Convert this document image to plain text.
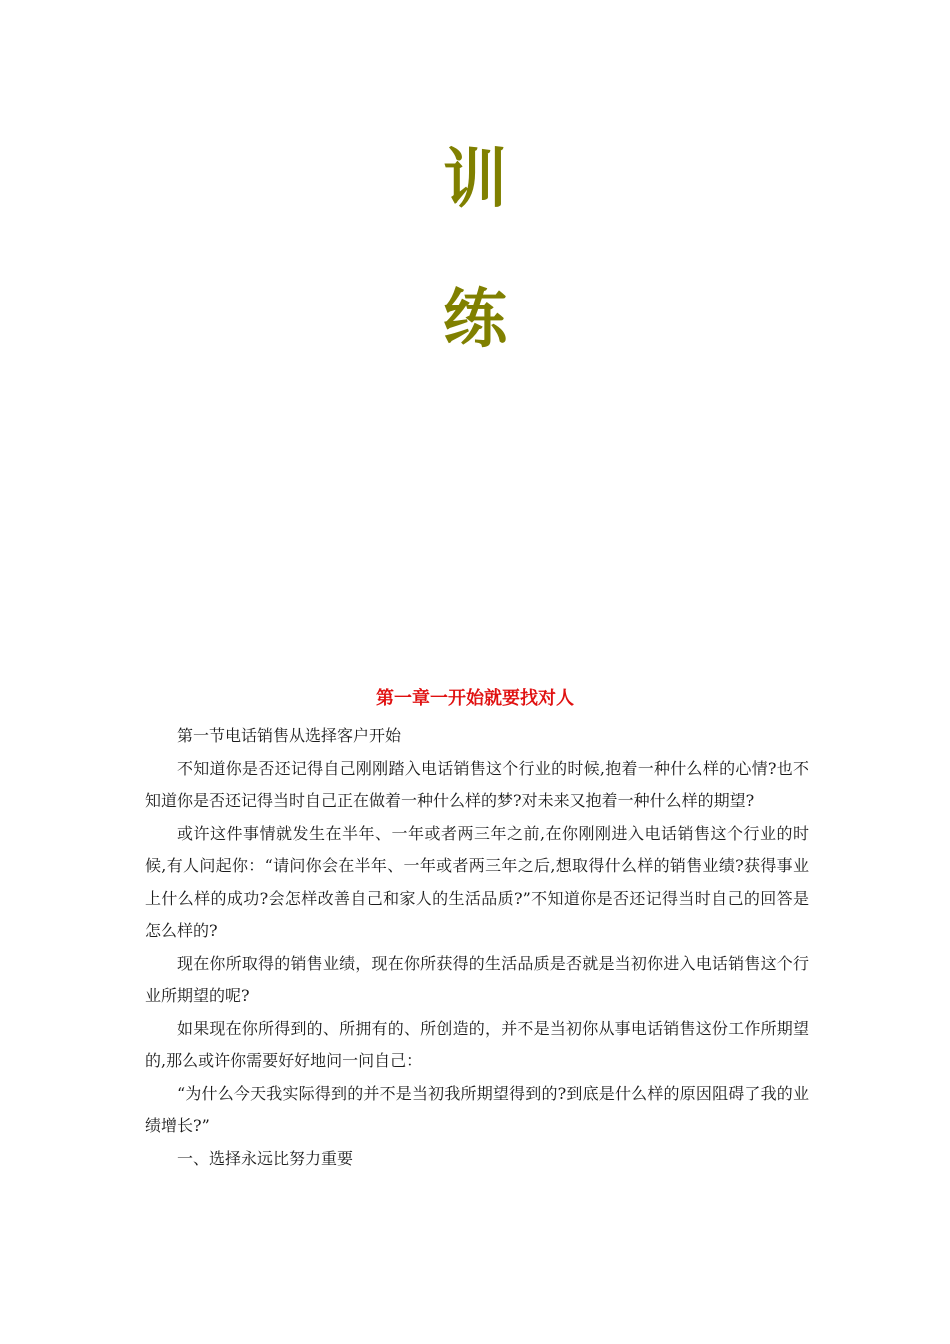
训
练
第一章一开始就要找对人

第一节电话销售从选择客户开始

不知道你是否还记得自己刚刚踏入电话销售这个行业的时候,抱着一种什么样的心情?也不知道你是否还记得当时自己正在做着一种什么样的梦?对未来又抱着一种什么样的期望?

或许这件事情就发生在半年、一年或者两三年之前,在你刚刚进入电话销售这个行业的时候,有人问起你：“请问你会在半年、一年或者两三年之后,想取得什么样的销售业绩?获得事业上什么样的成功?会怎样改善自己和家人的生活品质?”不知道你是否还记得当时自己的回答是怎么样的?

现在你所取得的销售业绩，现在你所获得的生活品质是否就是当初你进入电话销售这个行业所期望的呢?

如果现在你所得到的、所拥有的、所创造的，并不是当初你从事电话销售这份工作所期望的,那么或许你需要好好地问一问自己：

“为什么今天我实际得到的并不是当初我所期望得到的?到底是什么样的原因阻碍了我的业绩增长?”

一、选择永远比努力重要
